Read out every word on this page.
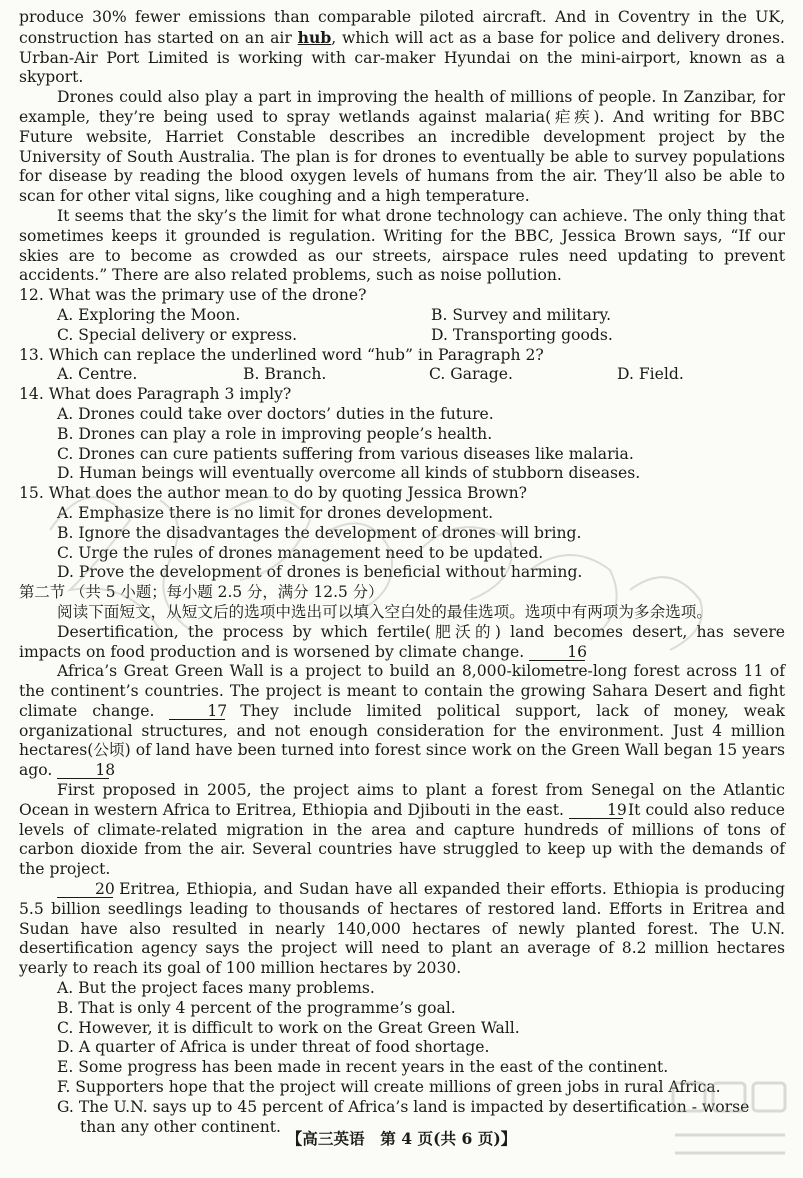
produce 30% fewer emissions than comparable piloted aircraft. And in Coventry in the UK, construction has started on an air hub, which will act as a base for police and delivery drones. Urban-Air Port Limited is working with car-maker Hyundai on the mini-airport, known as a skyport.

Drones could also play a part in improving the health of millions of people. In Zanzibar, for example, they’re being used to spray wetlands against malaria(疟疾). And writing for BBC Future website, Harriet Constable describes an incredible development project by the University of South Australia. The plan is for drones to eventually be able to survey populations for disease by reading the blood oxygen levels of humans from the air. They’ll also be able to scan for other vital signs, like coughing and a high temperature.

It seems that the sky’s the limit for what drone technology can achieve. The only thing that sometimes keeps it grounded is regulation. Writing for the BBC, Jessica Brown says, “If our skies are to become as crowded as our streets, airspace rules need updating to prevent accidents.” There are also related problems, such as noise pollution.

12. What was the primary use of the drone?

A. Exploring the Moon.	B. Survey and military.
C. Special delivery or express.	D. Transporting goods.

13. Which can replace the underlined word “hub” in Paragraph 2?

A. Centre.	B. Branch.	C. Garage.	D. Field.

14. What does Paragraph 3 imply?

A. Drones could take over doctors’ duties in the future.

B. Drones can play a role in improving people’s health.

C. Drones can cure patients suffering from various diseases like malaria.

D. Human beings will eventually overcome all kinds of stubborn diseases.

15. What does the author mean to do by quoting Jessica Brown?

A. Emphasize there is no limit for drones development.

B. Ignore the disadvantages the development of drones will bring.

C. Urge the rules of drones management need to be updated.

D. Prove the development of drones is beneficial without harming.

第二节 （共 5 小题；每小题 2.5 分，满分 12.5 分）

阅读下面短文，从短文后的选项中选出可以填入空白处的最佳选项。选项中有两项为多余选项。

Desertification, the process by which fertile(肥沃的) land becomes desert, has severe impacts on food production and is worsened by climate change. 16

Africa’s Great Green Wall is a project to build an 8,000-kilometre-long forest across 11 of the continent’s countries. The project is meant to contain the growing Sahara Desert and fight climate change. 17 They include limited political support, lack of money, weak organizational structures, and not enough consideration for the environment. Just 4 million hectares(公顷) of land have been turned into forest since work on the Green Wall began 15 years ago. 18

First proposed in 2005, the project aims to plant a forest from Senegal on the Atlantic Ocean in western Africa to Eritrea, Ethiopia and Djibouti in the east. 19 It could also reduce levels of climate-related migration in the area and capture hundreds of millions of tons of carbon dioxide from the air. Several countries have struggled to keep up with the demands of the project.

20 Eritrea, Ethiopia, and Sudan have all expanded their efforts. Ethiopia is producing 5.5 billion seedlings leading to thousands of hectares of restored land. Efforts in Eritrea and Sudan have also resulted in nearly 140,000 hectares of newly planted forest. The U.N. desertification agency says the project will need to plant an average of 8.2 million hectares yearly to reach its goal of 100 million hectares by 2030.

A. But the project faces many problems.

B. That is only 4 percent of the programme’s goal.

C. However, it is difficult to work on the Great Green Wall.

D. A quarter of Africa is under threat of food shortage.

E. Some progress has been made in recent years in the east of the continent.

F. Supporters hope that the project will create millions of green jobs in rural Africa.

G. The U.N. says up to 45 percent of Africa’s land is impacted by desertification - worse than any other continent.

【高三英语　第 4 页(共 6 页)】
